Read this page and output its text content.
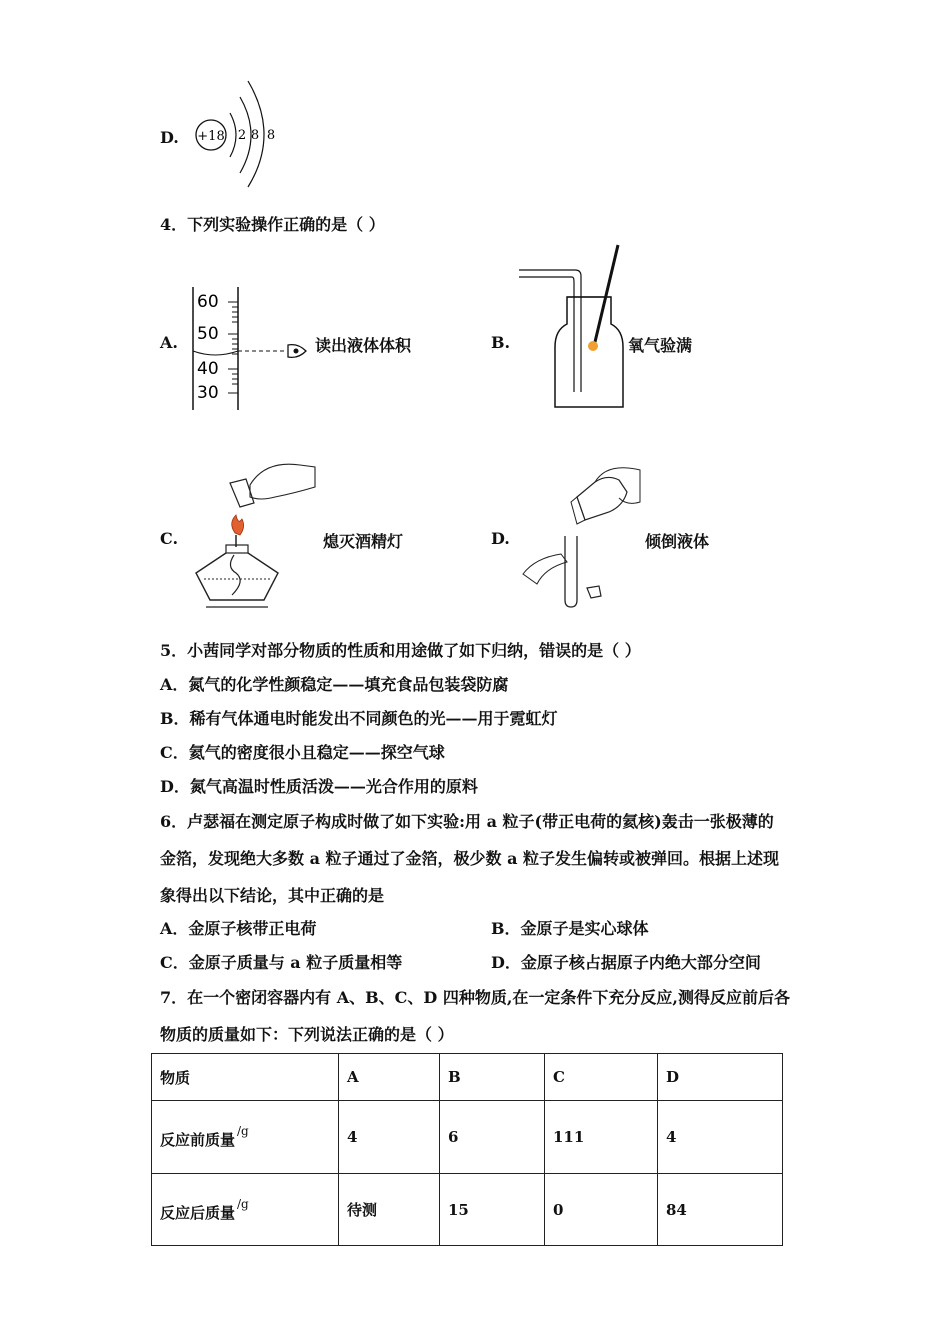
D. +18 2 8 8
4．下列实验操作正确的是（ ）
A.
60
50
40
30
读出液体体积	B.	氧气验满
C.	熄灭酒精灯	D.	倾倒液体
5．小茜同学对部分物质的性质和用途做了如下归纳，错误的是（ ）
A．氮气的化学性颜稳定——填充食品包装袋防腐
B．稀有气体通电时能发出不同颜色的光——用于霓虹灯
C．氦气的密度很小且稳定——探空气球
D．氮气高温时性质活泼——光合作用的原料
6．卢瑟福在测定原子构成时做了如下实验:用 a 粒子(带正电荷的氦核)轰击一张极薄的
金箔，发现绝大多数 a 粒子通过了金箔，极少数 a 粒子发生偏转或被弹回。根据上述现
象得出以下结论，其中正确的是
A．金原子核带正电荷	B．金原子是实心球体
C．金原子质量与 a 粒子质量相等	D．金原子核占据原子内绝大部分空间
7．在一个密闭容器内有 A、B、C、D 四种物质,在一定条件下充分反应,测得反应前后各
物质的质量如下：下列说法正确的是（ ）
物质	A	B	C	D
反应前质量 $^{/g}$	4	6	111	4
反应后质量 $^{/g}$	待测	15	0	84
